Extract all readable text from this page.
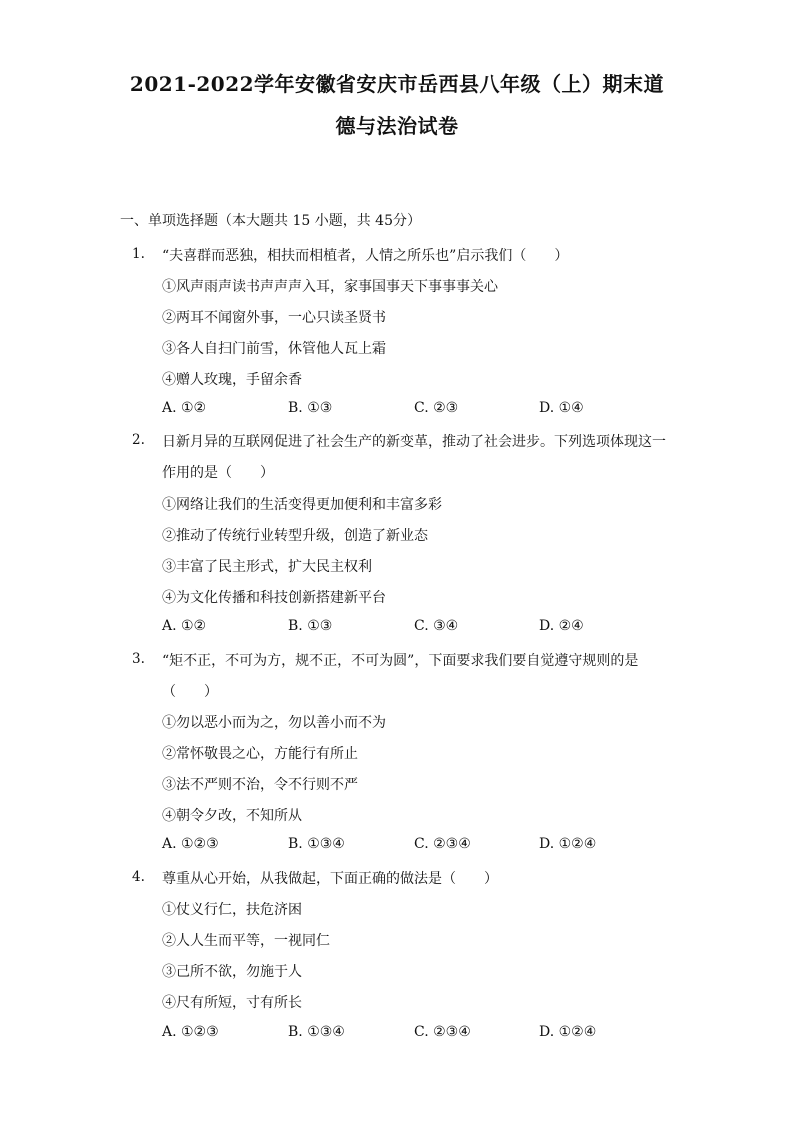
2021-2022学年安徽省安庆市岳西县八年级（上）期末道
德与法治试卷
一、单项选择题（本大题共 15 小题，共 45分）
1. “夫喜群而恶独，相扶而相植者，人情之所乐也”启示我们（　　）
①风声雨声读书声声声入耳，家事国事天下事事事关心
②两耳不闻窗外事，一心只读圣贤书
③各人自扫门前雪，休管他人瓦上霜
④赠人玫瑰，手留余香
A. ①②	B. ①③	C. ②③	D. ①④
2. 日新月异的互联网促进了社会生产的新变革，推动了社会进步。下列选项体现这一
作用的是（　　）
①网络让我们的生活变得更加便利和丰富多彩
②推动了传统行业转型升级，创造了新业态
③丰富了民主形式，扩大民主权利
④为文化传播和科技创新搭建新平台
A. ①②	B. ①③	C. ③④	D. ②④
3. “矩不正，不可为方，规不正，不可为圆”，下面要求我们要自觉遵守规则的是
（　　）
①勿以恶小而为之，勿以善小而不为
②常怀敬畏之心，方能行有所止
③法不严则不治，令不行则不严
④朝令夕改，不知所从
A. ①②③	B. ①③④	C. ②③④	D. ①②④
4. 尊重从心开始，从我做起，下面正确的做法是（　　）
①仗义行仁，扶危济困
②人人生而平等，一视同仁
③己所不欲，勿施于人
④尺有所短，寸有所长
A. ①②③	B. ①③④	C. ②③④	D. ①②④
